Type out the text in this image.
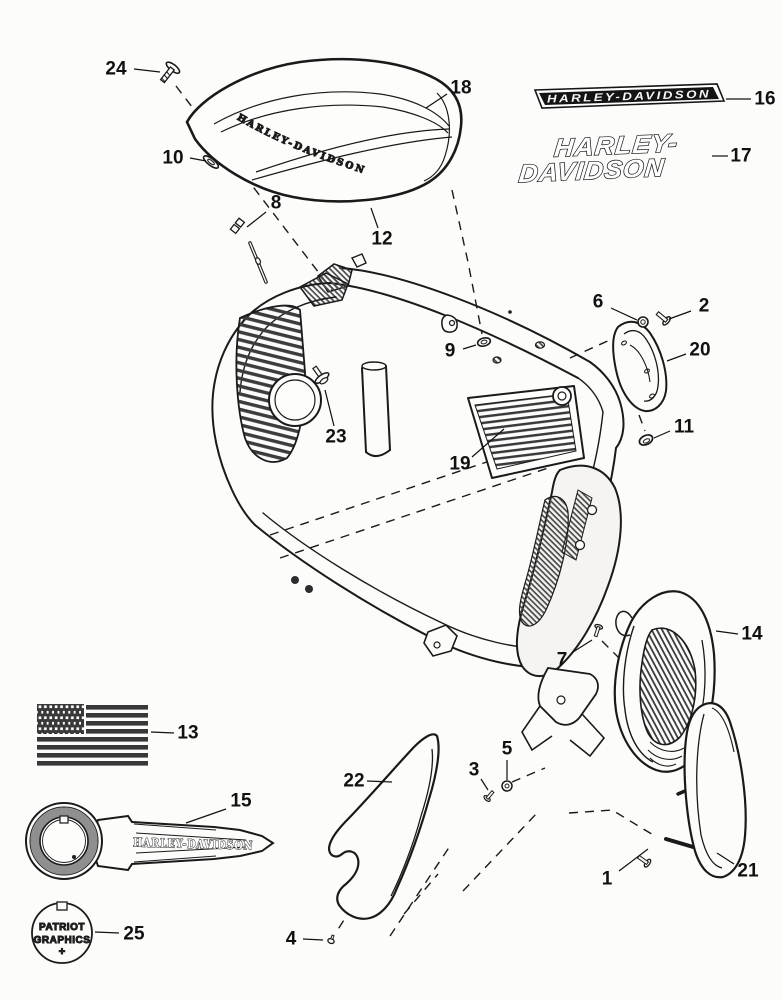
HARLEY-DAVIDSON
HARLEY-DAVIDSON
HARLEY-
DAVIDSON
HARLEY-DAVIDSON
PATRIOT
GRAPHICS
+
24
10
8
18
12
16
17
6	2
20
9
11
23
19
14
7
13
22
3
5
15
21
1
25	4
